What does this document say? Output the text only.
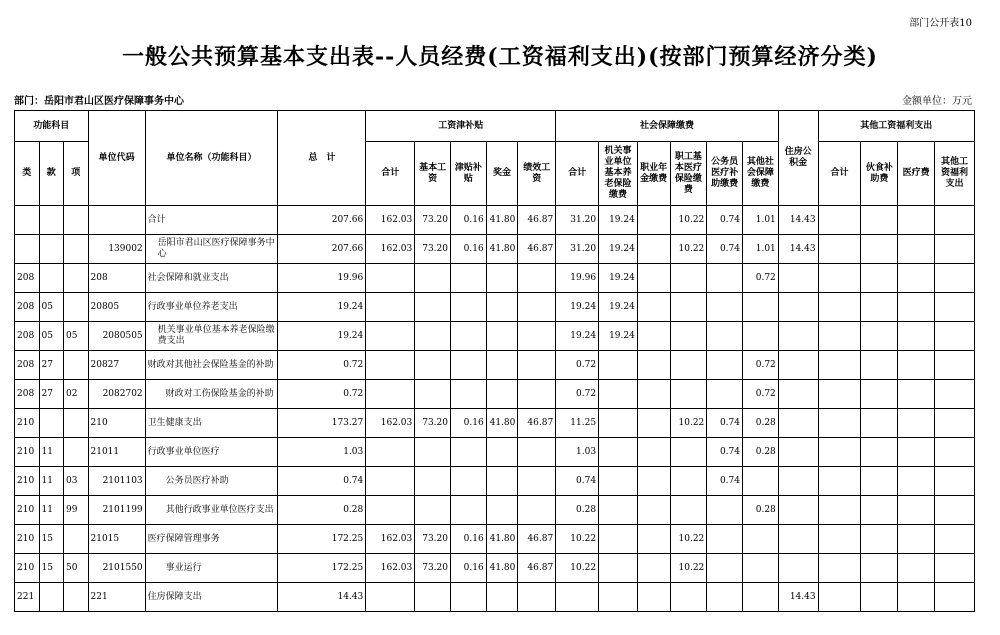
部门公开表10
一般公共预算基本支出表--人员经费(工资福利支出)(按部门预算经济分类)
部门：岳阳市君山区医疗保障事务中心	金额单位：万元
功能科目			单位代码	单位名称（功能科目）	总　计	工资津补贴					社会保障缴费						住房公积金	其他工资福利支出			
类	款	项				合计	基本工资	津贴补贴	奖金	绩效工资	合计	机关事业单位基本养老保险缴费	职业年金缴费	职工基本医疗保险缴费	公务员医疗补助缴费	其他社会保障缴费		合计	伙食补助费	医疗费	其他工资福利支出
				合计	207.66	162.03	73.20	0.16	41.80	46.87	31.20	19.24		10.22	0.74	1.01	14.43				
			139002	岳阳市君山区医疗保障事务中心	207.66	162.03	73.20	0.16	41.80	46.87	31.20	19.24		10.22	0.74	1.01	14.43				
208			208	社会保障和就业支出	19.96						19.96	19.24				0.72					
208	05		20805	行政事业单位养老支出	19.24						19.24	19.24									
208	05	05	2080505	机关事业单位基本养老保险缴费支出	19.24						19.24	19.24									
208	27		20827	财政对其他社会保险基金的补助	0.72						0.72					0.72					
208	27	02	2082702	财政对工伤保险基金的补助	0.72						0.72					0.72					
210			210	卫生健康支出	173.27	162.03	73.20	0.16	41.80	46.87	11.25			10.22	0.74	0.28					
210	11		21011	行政事业单位医疗	1.03						1.03				0.74	0.28					
210	11	03	2101103	公务员医疗补助	0.74						0.74				0.74						
210	11	99	2101199	其他行政事业单位医疗支出	0.28						0.28					0.28					
210	15		21015	医疗保障管理事务	172.25	162.03	73.20	0.16	41.80	46.87	10.22			10.22							
210	15	50	2101550	事业运行	172.25	162.03	73.20	0.16	41.80	46.87	10.22			10.22							
221			221	住房保障支出	14.43												14.43				
